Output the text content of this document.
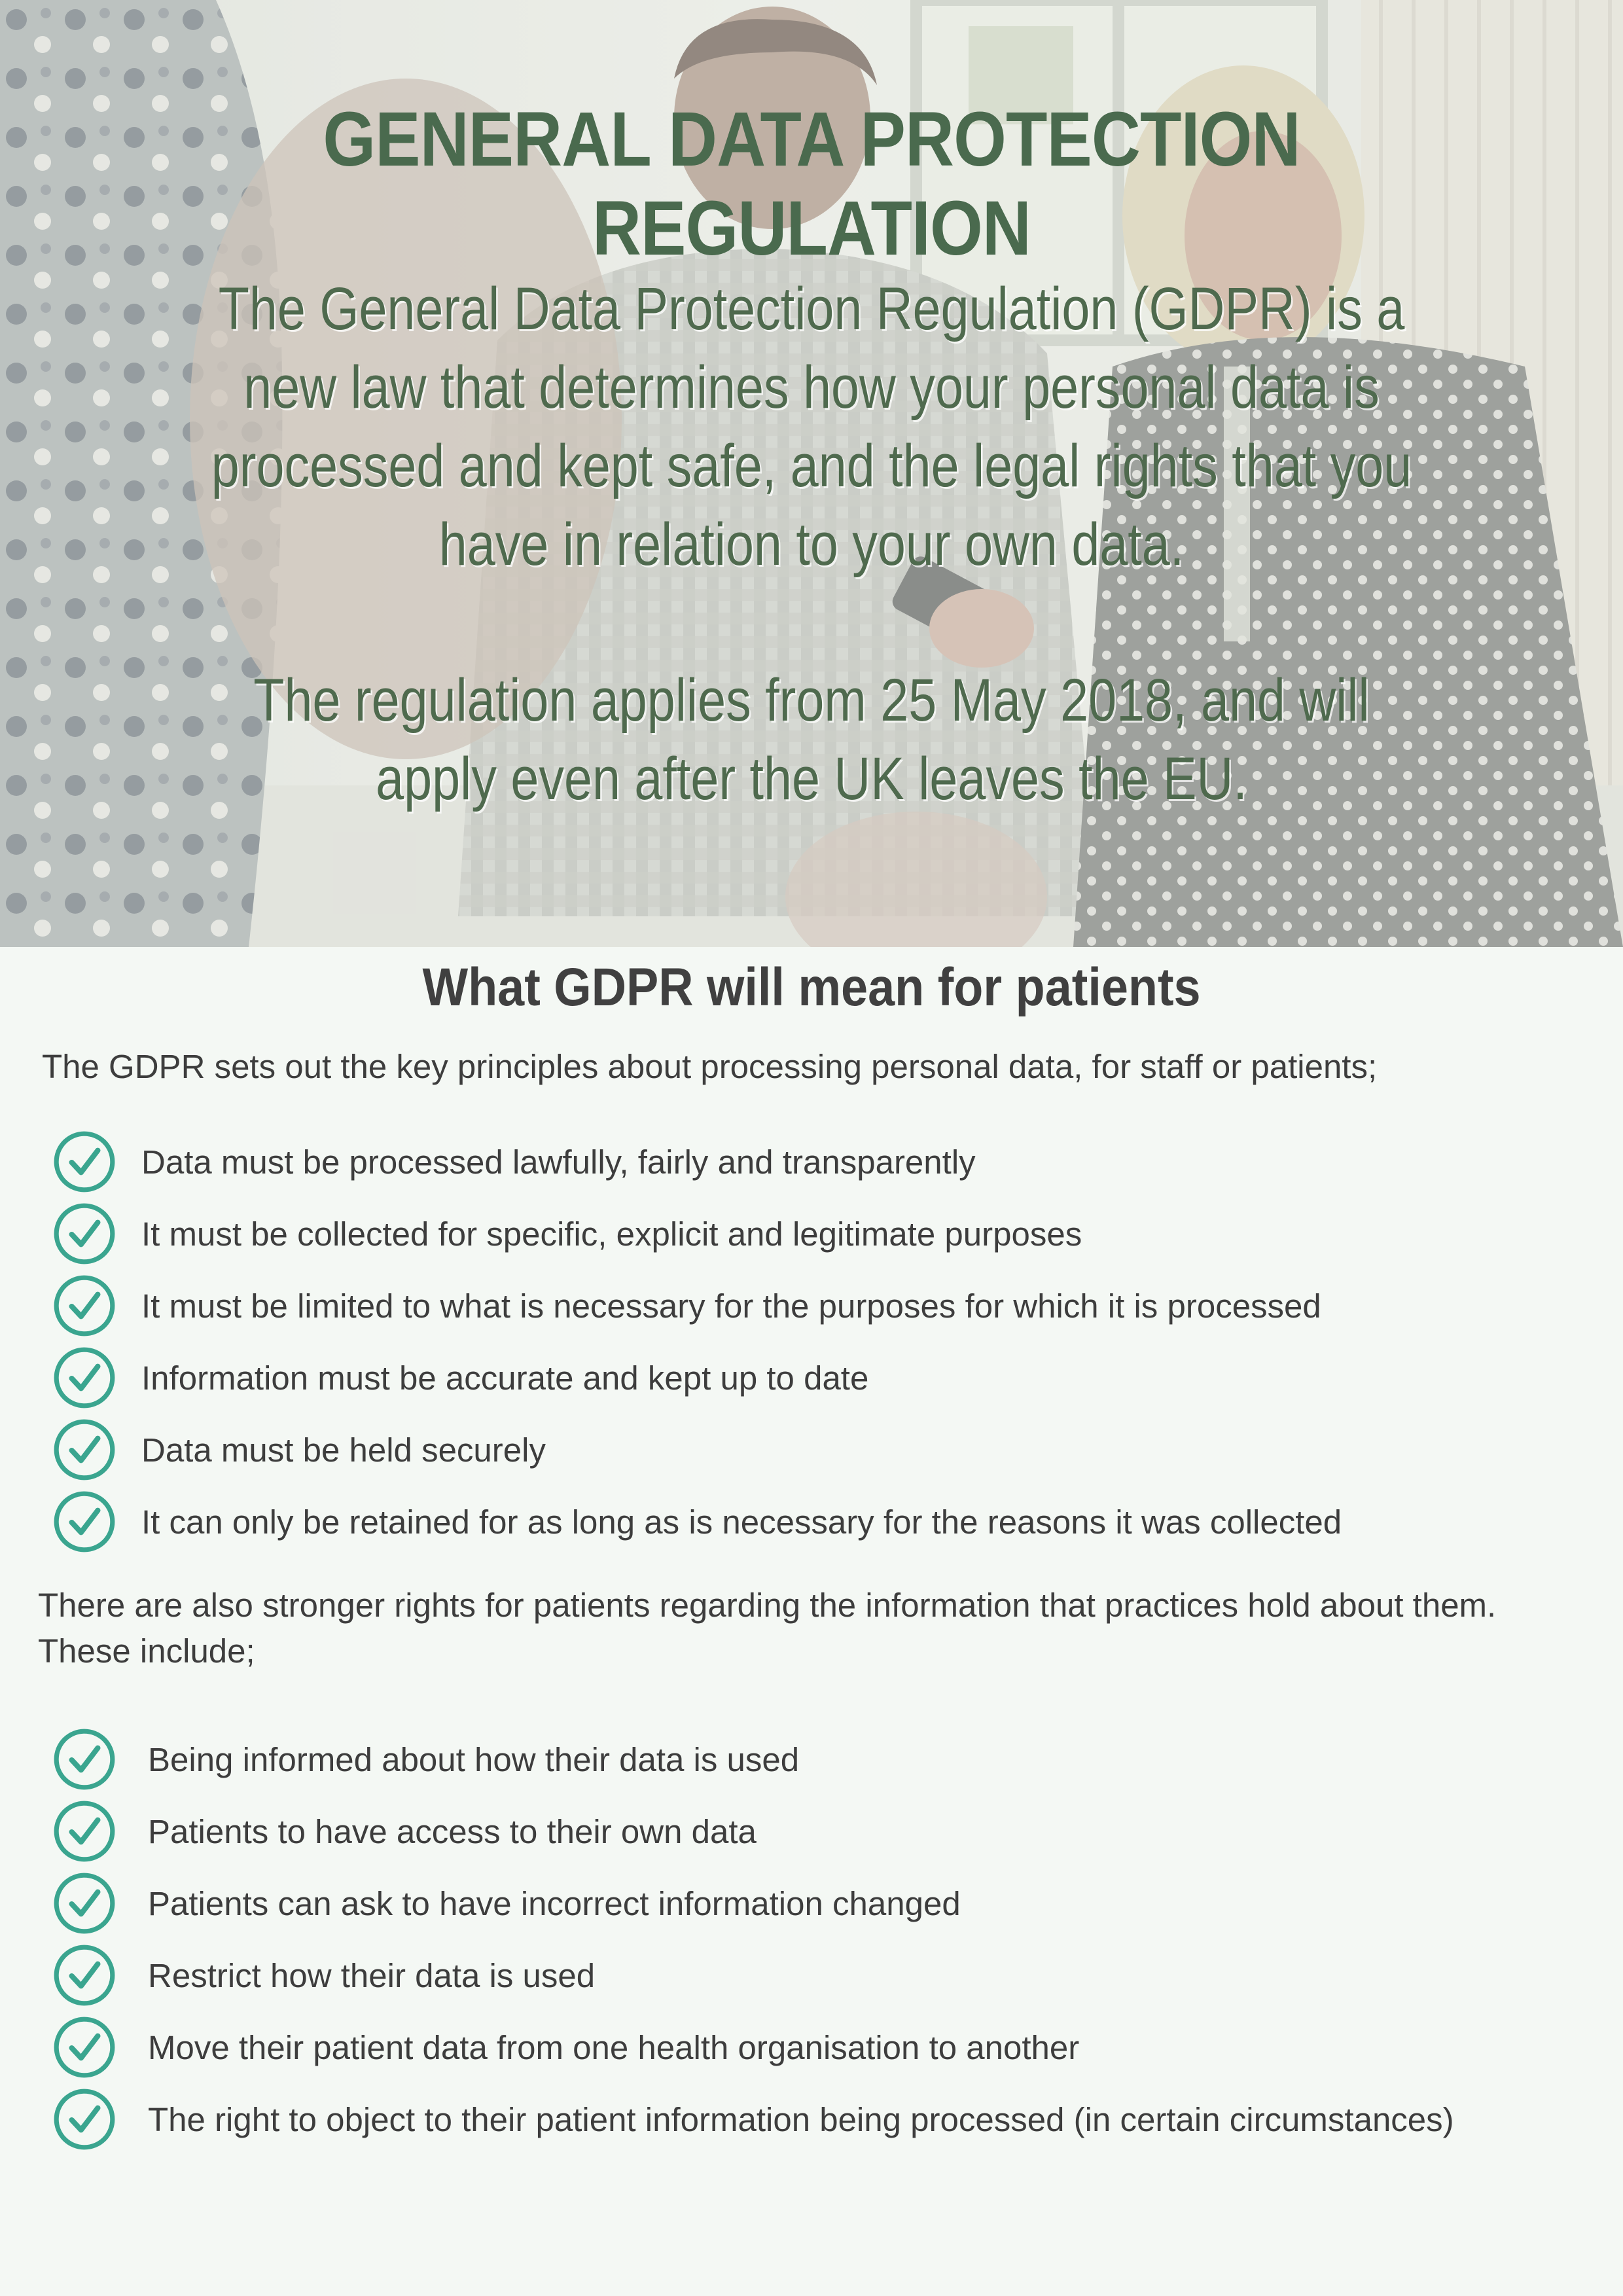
GENERAL DATA PROTECTION REGULATION

The General Data Protection Regulation (GDPR) is a new law that determines how your personal data is processed and kept safe, and the legal rights that you have in relation to your own data.

The regulation applies from 25 May 2018, and will apply even after the UK leaves the EU.

What GDPR will mean for patients

The GDPR sets out the key principles about processing personal data, for staff or patients;

Data must be processed lawfully, fairly and transparently
It must be collected for specific, explicit and legitimate purposes
It must be limited to what is necessary for the purposes for which it is processed
Information must be accurate and kept up to date
Data must be held securely
It can only be retained for as long as is necessary for the reasons it was collected

There are also stronger rights for patients regarding the information that practices hold about them. These include;

Being informed about how their data is used
Patients to have access to their own data
Patients can ask to have incorrect information changed
Restrict how their data is used
Move their patient data from one health organisation to another
The right to object to their patient information being processed (in certain circumstances)
